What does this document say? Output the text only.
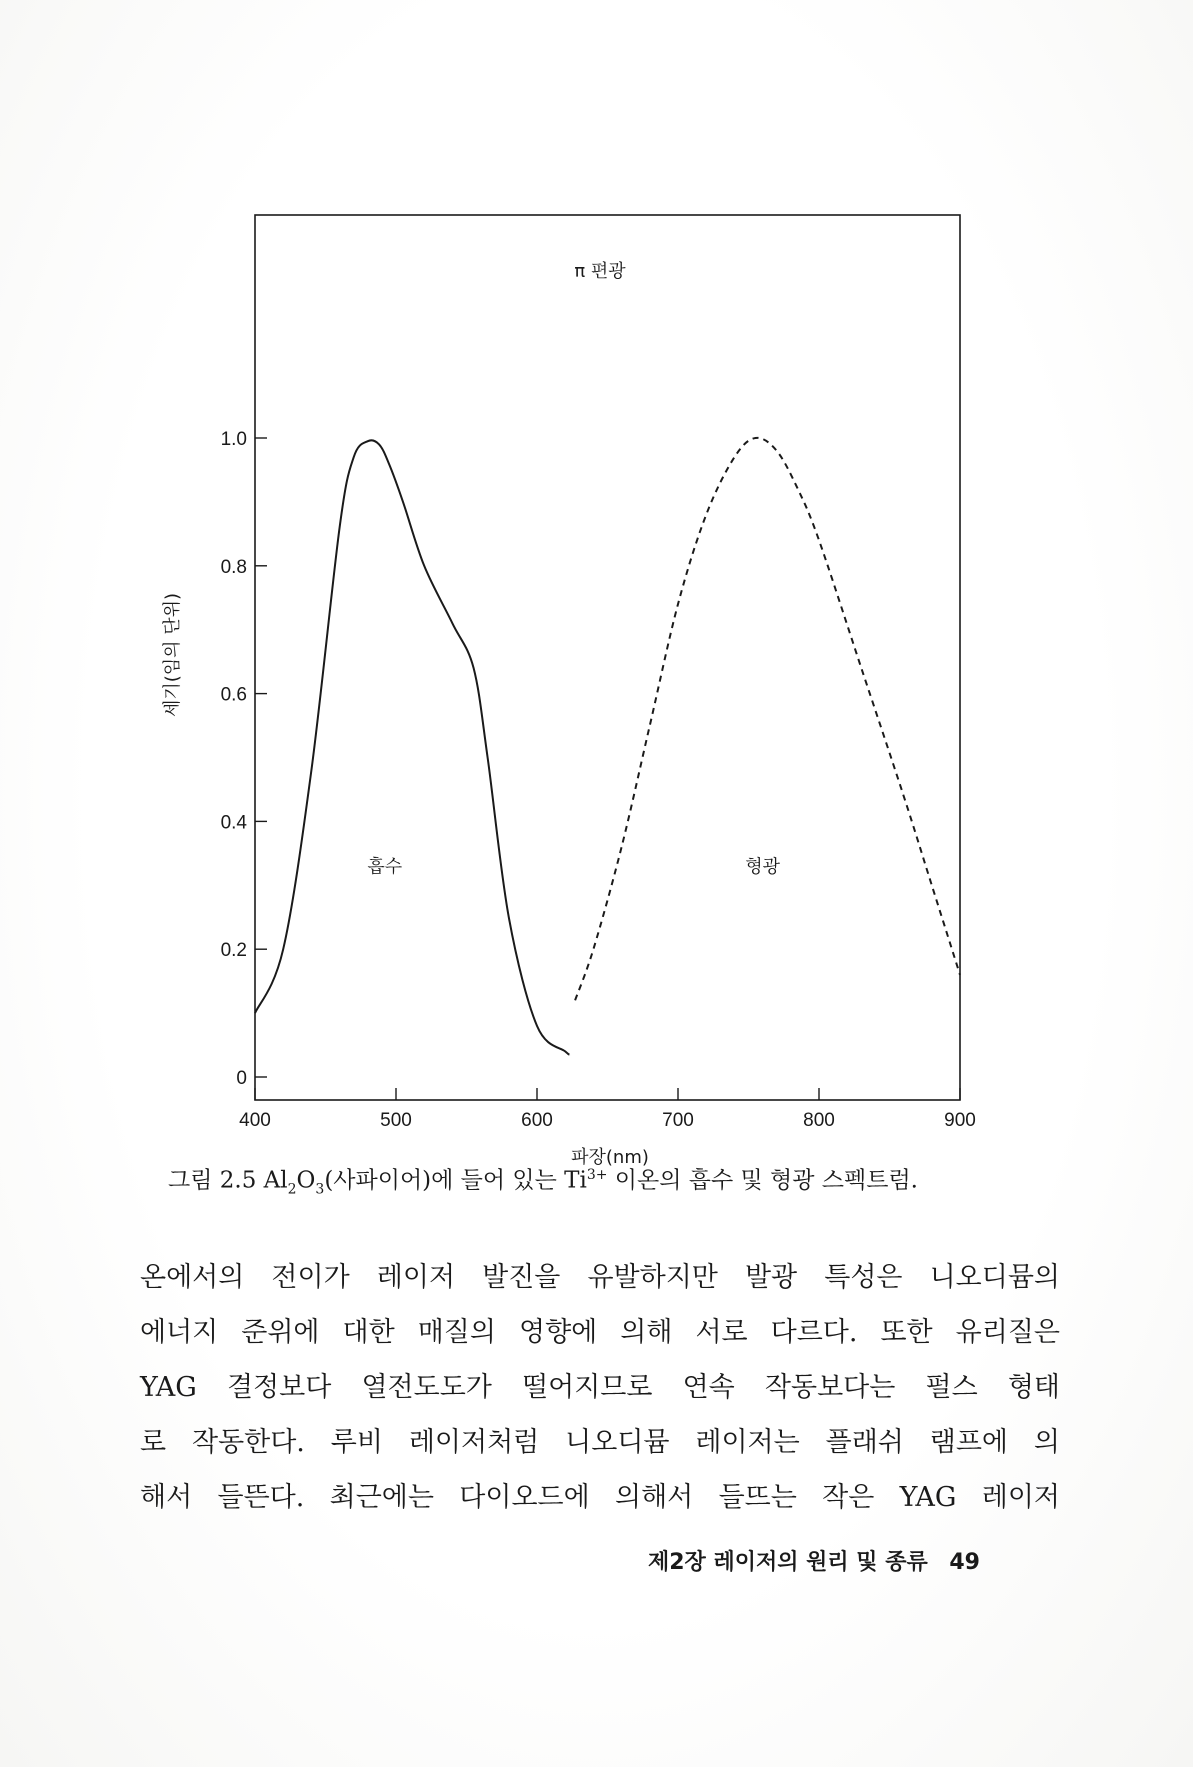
0
0.2
0.4
0.6
0.8
1.0
400	500	600	700	800	900
흡수	형광
π 편광
파장(nm)
세기(임의 단위)
그림 2.5 $Al_2O_3$(사파이어)에 들어 있는 $Ti^{3+}$ 이온의 흡수 및 형광 스펙트럼.
온에서의 전이가 레이저 발진을 유발하지만 발광 특성은 니오디뮴의
에너지 준위에 대한 매질의 영향에 의해 서로 다르다. 또한 유리질은
YAG 결정보다 열전도도가 떨어지므로 연속 작동보다는 펄스 형태
로 작동한다. 루비 레이저처럼 니오디뮴 레이저는 플래쉬 램프에 의
해서 들뜬다. 최근에는 다이오드에 의해서 들뜨는 작은 YAG 레이저
제2장 레이저의 원리 및 종류 49
